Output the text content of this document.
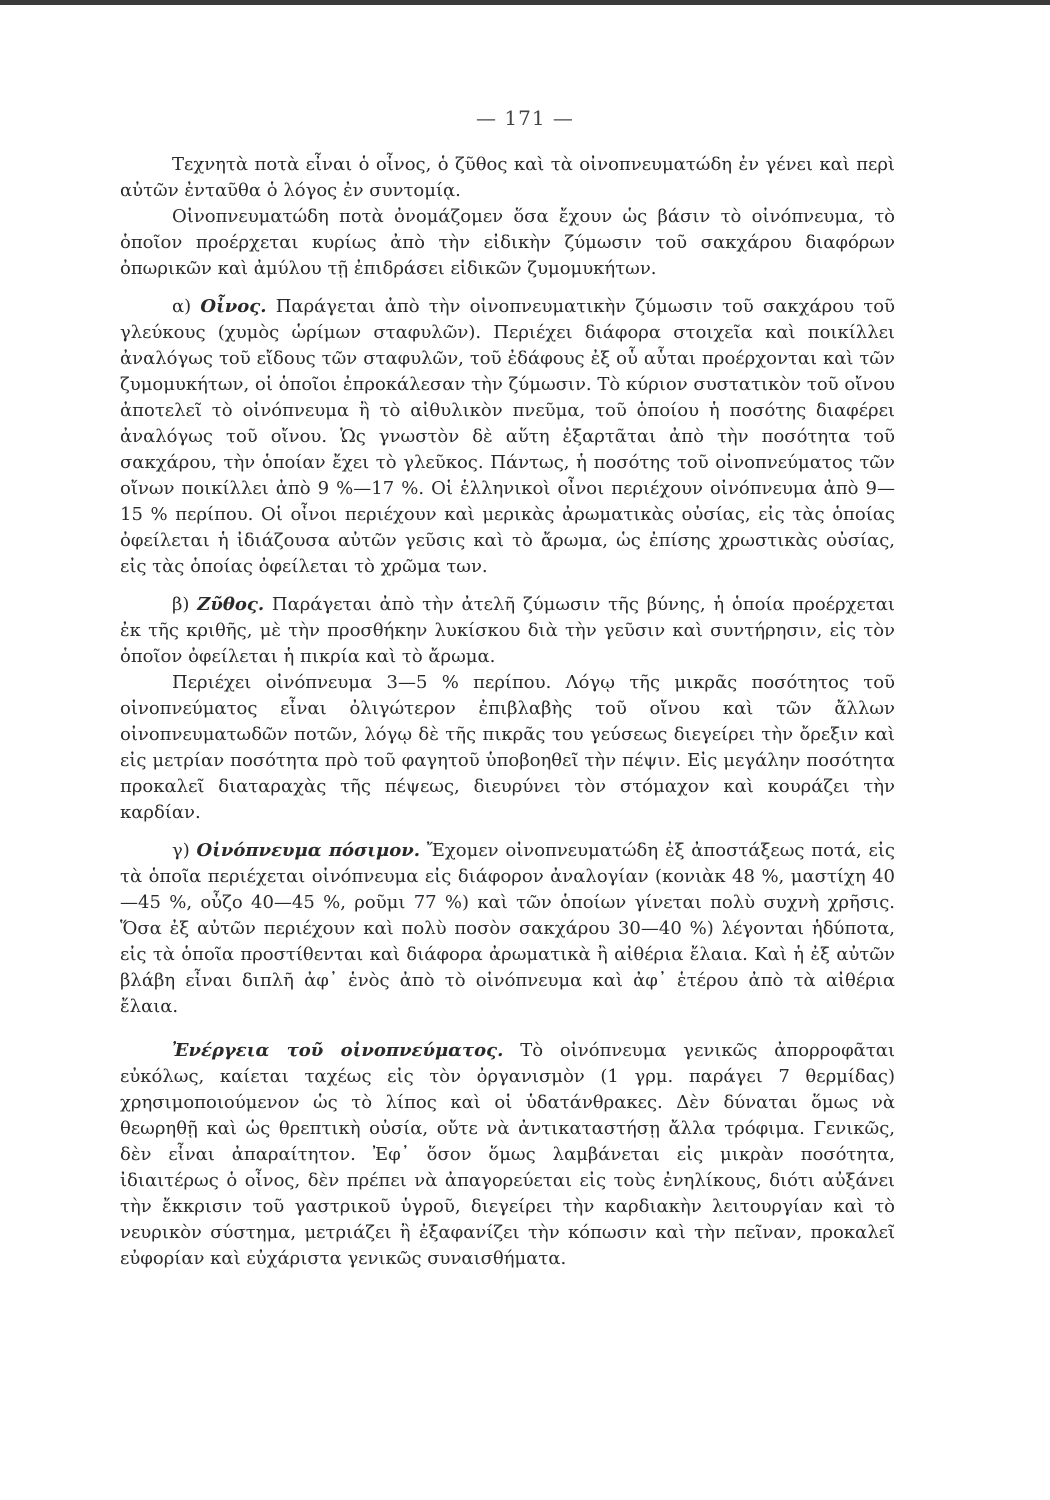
— 171 —

Τεχνητὰ ποτὰ εἶναι ὁ οἶνος, ὁ ζῦθος καὶ τὰ οἰνοπνευματώδη ἐν γένει καὶ περὶ αὐτῶν ἐνταῦθα ὁ λόγος ἐν συντομίᾳ.

Οἰνοπνευματώδη ποτὰ ὀνομάζομεν ὅσα ἔχουν ὡς βάσιν τὸ οἰνόπνευμα, τὸ ὁποῖον προέρχεται κυρίως ἀπὸ τὴν εἰδικὴν ζύμωσιν τοῦ σακχάρου διαφόρων ὀπωρικῶν καὶ ἀμύλου τῇ ἐπιδράσει εἰδικῶν ζυμομυκήτων.

α) Οἶνος. Παράγεται ἀπὸ τὴν οἰνοπνευματικὴν ζύμωσιν τοῦ σακχάρου τοῦ γλεύκους (χυμὸς ὡρίμων σταφυλῶν). Περιέχει διάφορα στοιχεῖα καὶ ποικίλλει ἀναλόγως τοῦ εἴδους τῶν σταφυλῶν, τοῦ ἐδάφους ἐξ οὗ αὗται προέρχονται καὶ τῶν ζυμομυκήτων, οἱ ὁποῖοι ἐπροκάλεσαν τὴν ζύμωσιν. Τὸ κύριον συστατικὸν τοῦ οἴνου ἀποτελεῖ τὸ οἰνόπνευμα ἢ τὸ αἰθυλικὸν πνεῦμα, τοῦ ὁποίου ἡ ποσότης διαφέρει ἀναλόγως τοῦ οἴνου. Ὡς γνωστὸν δὲ αὕτη ἐξαρτᾶται ἀπὸ τὴν ποσότητα τοῦ σακχάρου, τὴν ὁποίαν ἔχει τὸ γλεῦκος. Πάντως, ἡ ποσότης τοῦ οἰνοπνεύματος τῶν οἴνων ποικίλλει ἀπὸ 9 %—17 %. Οἱ ἑλληνικοὶ οἶνοι περιέχουν οἰνόπνευμα ἀπὸ 9—15 % περίπου. Οἱ οἶνοι περιέχουν καὶ μερικὰς ἀρωματικὰς οὐσίας, εἰς τὰς ὁποίας ὀφείλεται ἡ ἰδιάζουσα αὐτῶν γεῦσις καὶ τὸ ἄρωμα, ὡς ἐπίσης χρωστικὰς οὐσίας, εἰς τὰς ὁποίας ὀφείλεται τὸ χρῶμα των.

β) Ζῦθος. Παράγεται ἀπὸ τὴν ἀτελῆ ζύμωσιν τῆς βύνης, ἡ ὁποία προέρχεται ἐκ τῆς κριθῆς, μὲ τὴν προσθήκην λυκίσκου διὰ τὴν γεῦσιν καὶ συντήρησιν, εἰς τὸν ὁποῖον ὀφείλεται ἡ πικρία καὶ τὸ ἄρωμα.

Περιέχει οἰνόπνευμα 3—5 % περίπου. Λόγῳ τῆς μικρᾶς ποσότητος τοῦ οἰνοπνεύματος εἶναι ὀλιγώτερον ἐπιβλαβὴς τοῦ οἴνου καὶ τῶν ἄλλων οἰνοπνευματωδῶν ποτῶν, λόγῳ δὲ τῆς πικρᾶς του γεύσεως διεγείρει τὴν ὄρεξιν καὶ εἰς μετρίαν ποσότητα πρὸ τοῦ φαγητοῦ ὑποβοηθεῖ τὴν πέψιν. Εἰς μεγάλην ποσότητα προκαλεῖ διαταραχὰς τῆς πέψεως, διευρύνει τὸν στόμαχον καὶ κουράζει τὴν καρδίαν.

γ) Οἰνόπνευμα πόσιμον. Ἔχομεν οἰνοπνευματώδη ἐξ ἀποστάξεως ποτά, εἰς τὰ ὁποῖα περιέχεται οἰνόπνευμα εἰς διάφορον ἀναλογίαν (κονιὰκ 48 %, μαστίχη 40—45 %, οὖζο 40—45 %, ροῦμι 77 %) καὶ τῶν ὁποίων γίνεται πολὺ συχνὴ χρῆσις. Ὅσα ἐξ αὐτῶν περιέχουν καὶ πολὺ ποσὸν σακχάρου 30—40 %) λέγονται ἡδύποτα, εἰς τὰ ὁποῖα προστίθενται καὶ διάφορα ἀρωματικὰ ἢ αἰθέρια ἔλαια. Καὶ ἡ ἐξ αὐτῶν βλάβη εἶναι διπλῆ ἀφ᾽ ἑνὸς ἀπὸ τὸ οἰνόπνευμα καὶ ἀφ᾽ ἑτέρου ἀπὸ τὰ αἰθέρια ἔλαια.

Ἐνέργεια τοῦ οἰνοπνεύματος. Τὸ οἰνόπνευμα γενικῶς ἀπορροφᾶται εὐκόλως, καίεται ταχέως εἰς τὸν ὀργανισμὸν (1 γρμ. παράγει 7 θερμίδας) χρησιμοποιούμενον ὡς τὸ λίπος καὶ οἱ ὑδατάνθρακες. Δὲν δύναται ὅμως νὰ θεωρηθῇ καὶ ὡς θρεπτικὴ οὐσία, οὔτε νὰ ἀντικαταστήσῃ ἄλλα τρόφιμα. Γενικῶς, δὲν εἶναι ἀπαραίτητον. Ἐφ᾽ ὅσον ὅμως λαμβάνεται εἰς μικρὰν ποσότητα, ἰδιαιτέρως ὁ οἶνος, δὲν πρέπει νὰ ἀπαγορεύεται εἰς τοὺς ἐνηλίκους, διότι αὐξάνει τὴν ἔκκρισιν τοῦ γαστρικοῦ ὑγροῦ, διεγείρει τὴν καρδιακὴν λειτουργίαν καὶ τὸ νευρικὸν σύστημα, μετριάζει ἢ ἐξαφανίζει τὴν κόπωσιν καὶ τὴν πεῖναν, προκαλεῖ εὐφορίαν καὶ εὐχάριστα γενικῶς συναισθήματα.
